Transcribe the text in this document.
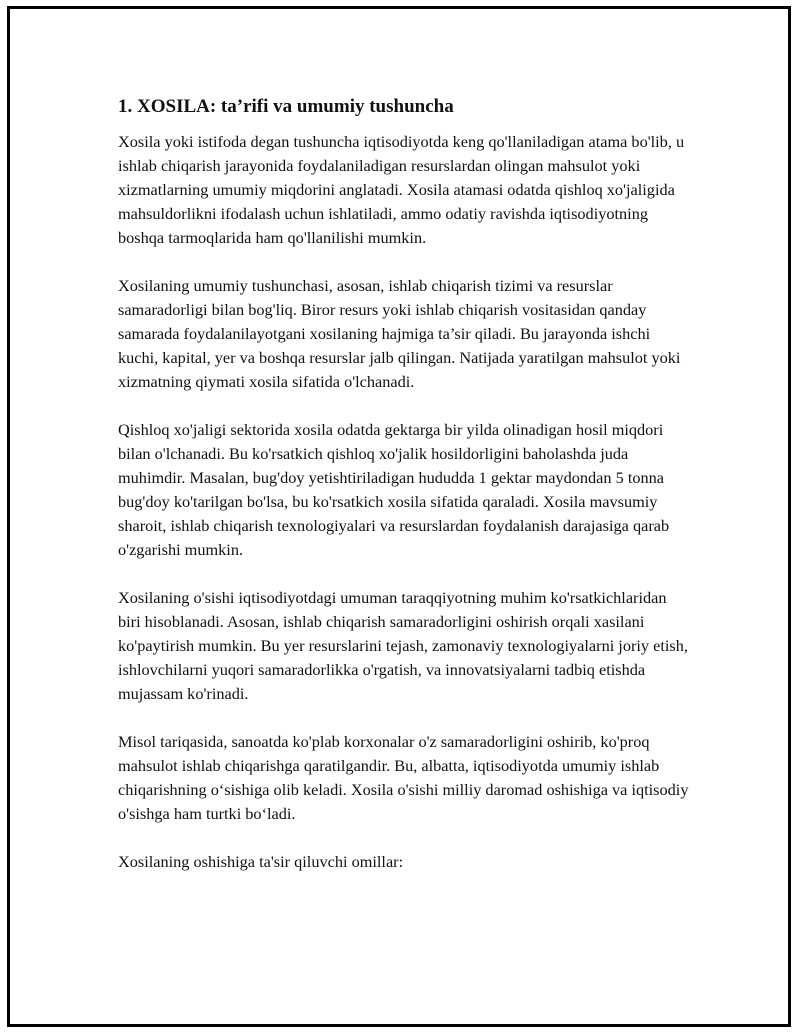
1. XOSILA: ta’rifi va umumiy tushuncha

Xosila yoki istifoda degan tushuncha iqtisodiyotda keng qo'llaniladigan atama bo'lib, u ishlab chiqarish jarayonida foydalaniladigan resurslardan olingan mahsulot yoki xizmatlarning umumiy miqdorini anglatadi. Xosila atamasi odatda qishloq xo'jaligida mahsuldorlikni ifodalash uchun ishlatiladi, ammo odatiy ravishda iqtisodiyotning boshqa tarmoqlarida ham qo'llanilishi mumkin.

Xosilaning umumiy tushunchasi, asosan, ishlab chiqarish tizimi va resurslar samaradorligi bilan bog'liq. Biror resurs yoki ishlab chiqarish vositasidan qanday samarada foydalanilayotgani xosilaning hajmiga ta’sir qiladi. Bu jarayonda ishchi kuchi, kapital, yer va boshqa resurslar jalb qilingan. Natijada yaratilgan mahsulot yoki xizmatning qiymati xosila sifatida o'lchanadi.

Qishloq xo'jaligi sektorida xosila odatda gektarga bir yilda olinadigan hosil miqdori bilan o'lchanadi. Bu ko'rsatkich qishloq xo'jalik hosildorligini baholashda juda muhimdir. Masalan, bug'doy yetishtiriladigan hududda 1 gektar maydondan 5 tonna bug'doy ko'tarilgan bo'lsa, bu ko'rsatkich xosila sifatida qaraladi. Xosila mavsumiy sharoit, ishlab chiqarish texnologiyalari va resurslardan foydalanish darajasiga qarab o'zgarishi mumkin.

Xosilaning o'sishi iqtisodiyotdagi umuman taraqqiyotning muhim ko'rsatkichlaridan biri hisoblanadi. Asosan, ishlab chiqarish samaradorligini oshirish orqali xasilani ko'paytirish mumkin. Bu yer resurslarini tejash, zamonaviy texnologiyalarni joriy etish, ishlovchilarni yuqori samaradorlikka o'rgatish, va innovatsiyalarni tadbiq etishda mujassam ko'rinadi.

Misol tariqasida, sanoatda ko'plab korxonalar o'z samaradorligini oshirib, ko'proq mahsulot ishlab chiqarishga qaratilgandir. Bu, albatta, iqtisodiyotda umumiy ishlab chiqarishning o‘sishiga olib keladi. Xosila o'sishi milliy daromad oshishiga va iqtisodiy o'sishga ham turtki bo‘ladi.

Xosilaning oshishiga ta'sir qiluvchi omillar:
